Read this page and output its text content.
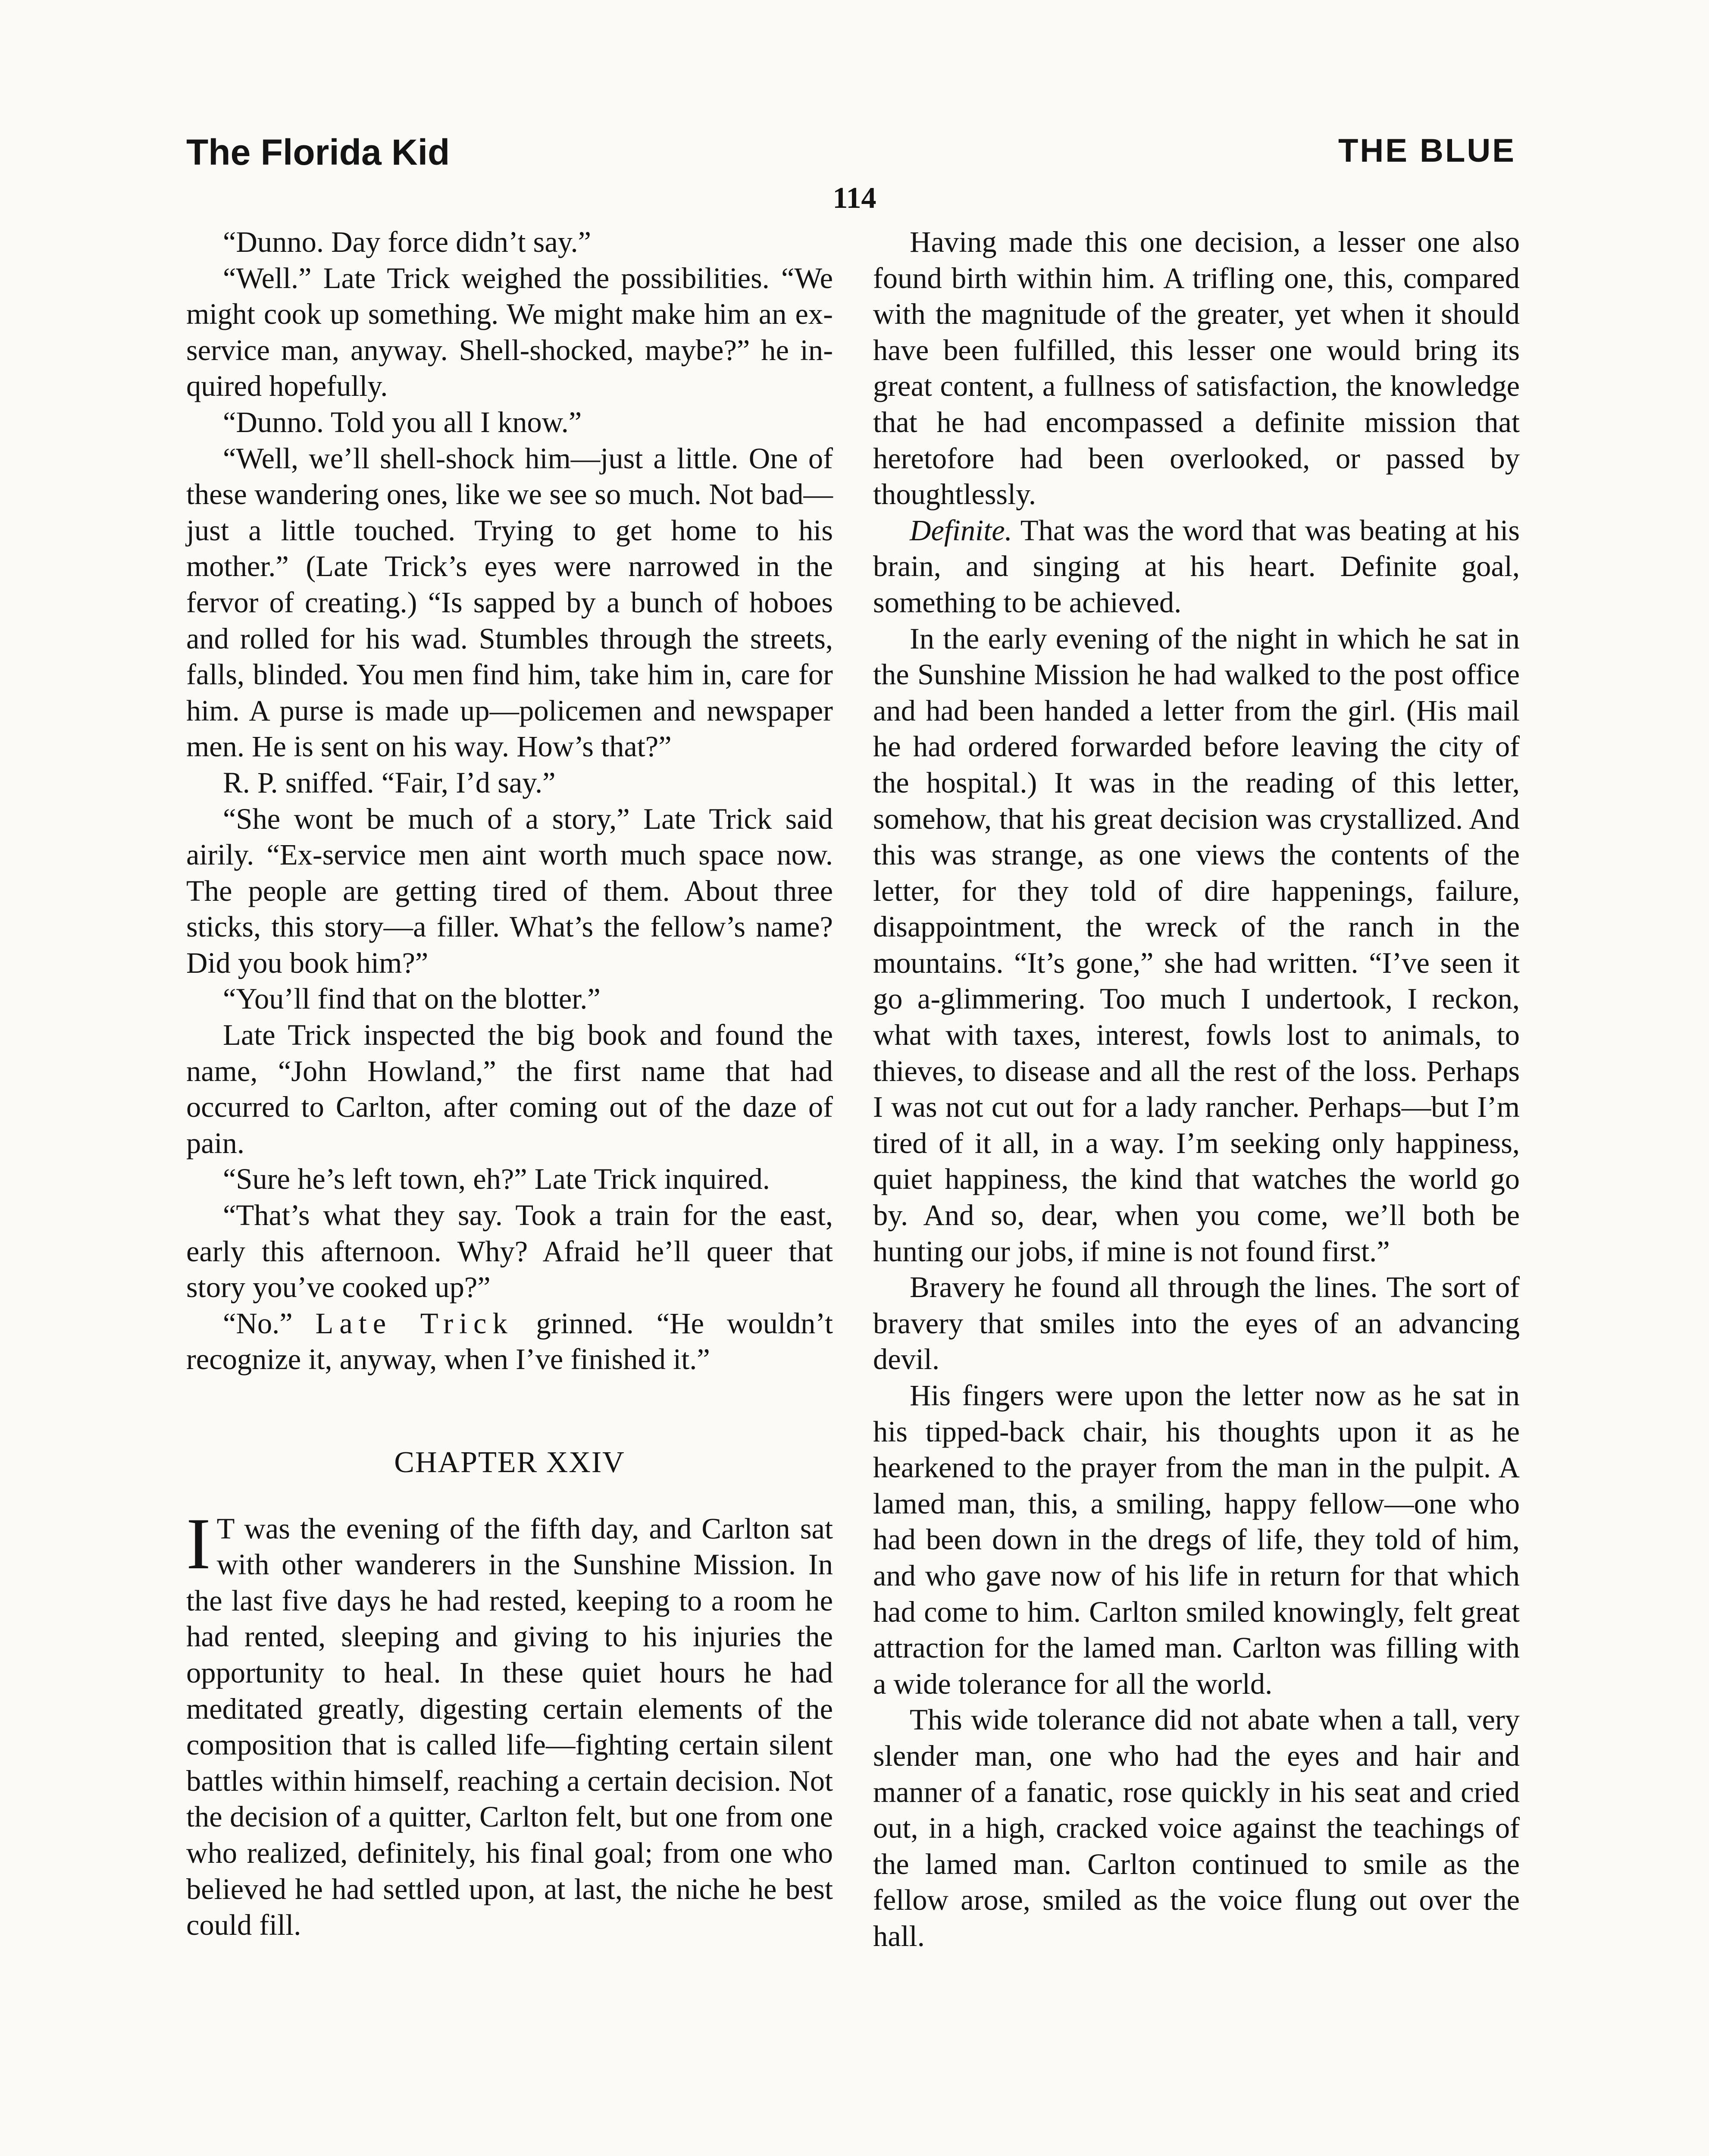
The Florida Kid	THE BLUE
114

“Dunno. Day force didn’t say.”

“Well.” Late Trick weighed the possibilities. “We might cook up something. We might make him an ex-service man, anyway. Shell-shocked, maybe?” he inquired hopefully.

“Dunno. Told you all I know.”

“Well, we’ll shell-shock him—just a little. One of these wandering ones, like we see so much. Not bad—just a little touched. Trying to get home to his mother.” (Late Trick’s eyes were narrowed in the fervor of creating.) “Is sapped by a bunch of hoboes and rolled for his wad. Stumbles through the streets, falls, blinded. You men find him, take him in, care for him. A purse is made up—policemen and newspaper men. He is sent on his way. How’s that?”

R. P. sniffed. “Fair, I’d say.”

“She wont be much of a story,” Late Trick said airily. “Ex-service men aint worth much space now. The people are getting tired of them. About three sticks, this story—a filler. What’s the fellow’s name? Did you book him?”

“You’ll find that on the blotter.”

Late Trick inspected the big book and found the name, “John Howland,” the first name that had occurred to Carlton, after coming out of the daze of pain.

“Sure he’s left town, eh?” Late Trick inquired.

“That’s what they say. Took a train for the east, early this afternoon. Why? Afraid he’ll queer that story you’ve cooked up?”

“No.” Late Trick grinned. “He wouldn’t recognize it, anyway, when I’ve finished it.”

CHAPTER XXIV

I T was the evening of the fifth day, and Carlton sat with other wanderers in the Sunshine Mission. In the last five days he had rested, keeping to a room he had rented, sleeping and giving to his injuries the opportunity to heal. In these quiet hours he had meditated greatly, digesting certain elements of the composition that is called life—fighting certain silent battles within himself, reaching a certain decision. Not the decision of a quitter, Carlton felt, but one from one who realized, definitely, his final goal; from one who believed he had settled upon, at last, the niche he best could fill.

Having made this one decision, a lesser one also found birth within him. A trifling one, this, compared with the magnitude of the greater, yet when it should have been fulfilled, this lesser one would bring its great content, a fullness of satisfaction, the knowledge that he had encompassed a definite mission that heretofore had been overlooked, or passed by thoughtlessly.

Definite. That was the word that was beating at his brain, and singing at his heart. Definite goal, something to be achieved.

In the early evening of the night in which he sat in the Sunshine Mission he had walked to the post office and had been handed a letter from the girl. (His mail he had ordered forwarded before leaving the city of the hospital.) It was in the reading of this letter, somehow, that his great decision was crystallized. And this was strange, as one views the contents of the letter, for they told of dire happenings, failure, disappointment, the wreck of the ranch in the mountains. “It’s gone,” she had written. “I’ve seen it go a-glimmering. Too much I undertook, I reckon, what with taxes, interest, fowls lost to animals, to thieves, to disease and all the rest of the loss. Perhaps I was not cut out for a lady rancher. Perhaps—but I’m tired of it all, in a way. I’m seeking only happiness, quiet happiness, the kind that watches the world go by. And so, dear, when you come, we’ll both be hunting our jobs, if mine is not found first.”

Bravery he found all through the lines. The sort of bravery that smiles into the eyes of an advancing devil.

His fingers were upon the letter now as he sat in his tipped-back chair, his thoughts upon it as he hearkened to the prayer from the man in the pulpit. A lamed man, this, a smiling, happy fellow—one who had been down in the dregs of life, they told of him, and who gave now of his life in return for that which had come to him. Carlton smiled knowingly, felt great attraction for the lamed man. Carlton was filling with a wide tolerance for all the world.

This wide tolerance did not abate when a tall, very slender man, one who had the eyes and hair and manner of a fanatic, rose quickly in his seat and cried out, in a high, cracked voice against the teachings of the lamed man. Carlton continued to smile as the fellow arose, smiled as the voice flung out over the hall.
